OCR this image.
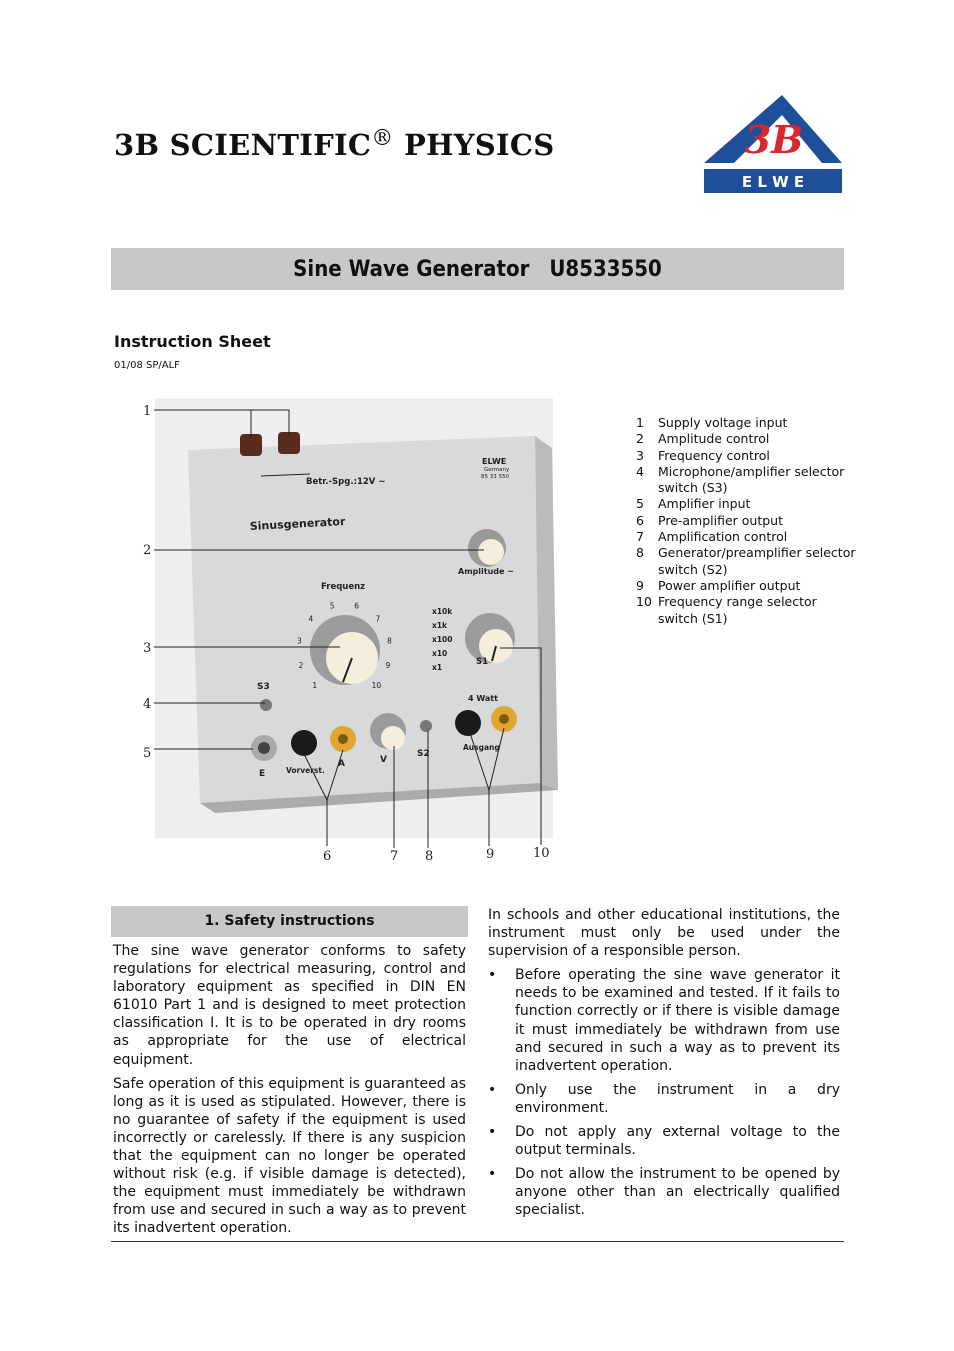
3B SCIENTIFIC® PHYSICS	3B
E L W E
Sine Wave Generator U8533550
Instruction Sheet
01/08 SP/ALF
Betr.-Spg.:12V ~
ELWE
Germany
85 33 550
Sinusgenerator
Amplitude ~
Frequenz
1
2
3
4
5	6
7
8
9
10
x10k
x1k
x100
x10
x1
S1
S3
E	Vorverst.
A	V
S2
4 Watt
Ausgang
1
2
3
4
5
6	7 8	9	10
1	Supply voltage input
2	Amplitude control
3	Frequency control
4	Microphone/amplifier selector switch (S3)
5	Amplifier input
6	Pre-amplifier output
7	Amplification control
8	Generator/preamplifier selector switch (S2)
9	Power amplifier output
10 Frequency range selector switch (S1)
1. Safety instructions

The sine wave generator conforms to safety regulations for electrical measuring, control and laboratory equipment as specified in DIN EN 61010 Part 1 and is designed to meet protection classification I. It is to be operated in dry rooms as appropriate for the use of electrical equipment.

Safe operation of this equipment is guaranteed as long as it is used as stipulated. However, there is no guarantee of safety if the equipment is used incorrectly or carelessly. If there is any suspicion that the equipment can no longer be operated without risk (e.g. if visible damage is detected), the equipment must immediately be withdrawn from use and secured in such a way as to prevent its inadvertent operation.

In schools and other educational institutions, the instrument must only be used under the supervision of a responsible person.

• Before operating the sine wave generator it needs to be examined and tested. If it fails to function correctly or if there is visible damage it must immediately be withdrawn from use and secured in such a way as to prevent its inadvertent operation.
• Only use the instrument in a dry environment.
• Do not apply any external voltage to the output terminals.
• Do not allow the instrument to be opened by anyone other than an electrically qualified specialist.
